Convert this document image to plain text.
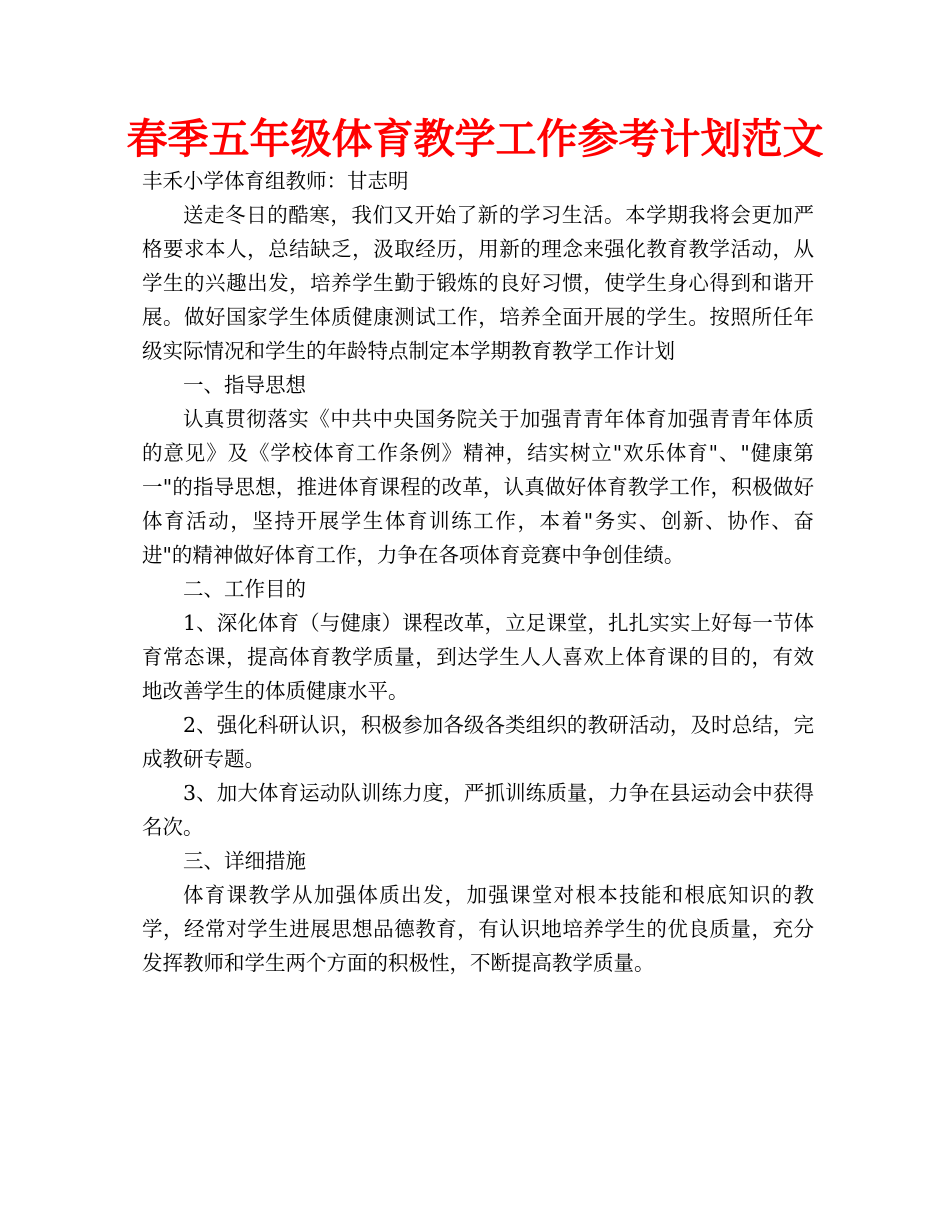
春季五年级体育教学工作参考计划范文

丰禾小学体育组教师：甘志明

送走冬日的酷寒，我们又开始了新的学习生活。本学期我将会更加严格要求本人，总结缺乏，汲取经历，用新的理念来强化教育教学活动，从学生的兴趣出发，培养学生勤于锻炼的良好习惯，使学生身心得到和谐开展。做好国家学生体质健康测试工作，培养全面开展的学生。按照所任年级实际情况和学生的年龄特点制定本学期教育教学工作计划

一、指导思想

认真贯彻落实《中共中央国务院关于加强青青年体育加强青青年体质的意见》及《学校体育工作条例》精神，结实树立"欢乐体育"、"健康第一"的指导思想，推进体育课程的改革，认真做好体育教学工作，积极做好体育活动，坚持开展学生体育训练工作，本着"务实、创新、协作、奋进"的精神做好体育工作，力争在各项体育竞赛中争创佳绩。

二、工作目的

1、深化体育（与健康）课程改革，立足课堂，扎扎实实上好每一节体育常态课，提高体育教学质量，到达学生人人喜欢上体育课的目的，有效地改善学生的体质健康水平。

2、强化科研认识，积极参加各级各类组织的教研活动，及时总结，完成教研专题。

3、加大体育运动队训练力度，严抓训练质量，力争在县运动会中获得名次。

三、详细措施

体育课教学从加强体质出发，加强课堂对根本技能和根底知识的教学，经常对学生进展思想品德教育，有认识地培养学生的优良质量，充分发挥教师和学生两个方面的积极性，不断提高教学质量。
